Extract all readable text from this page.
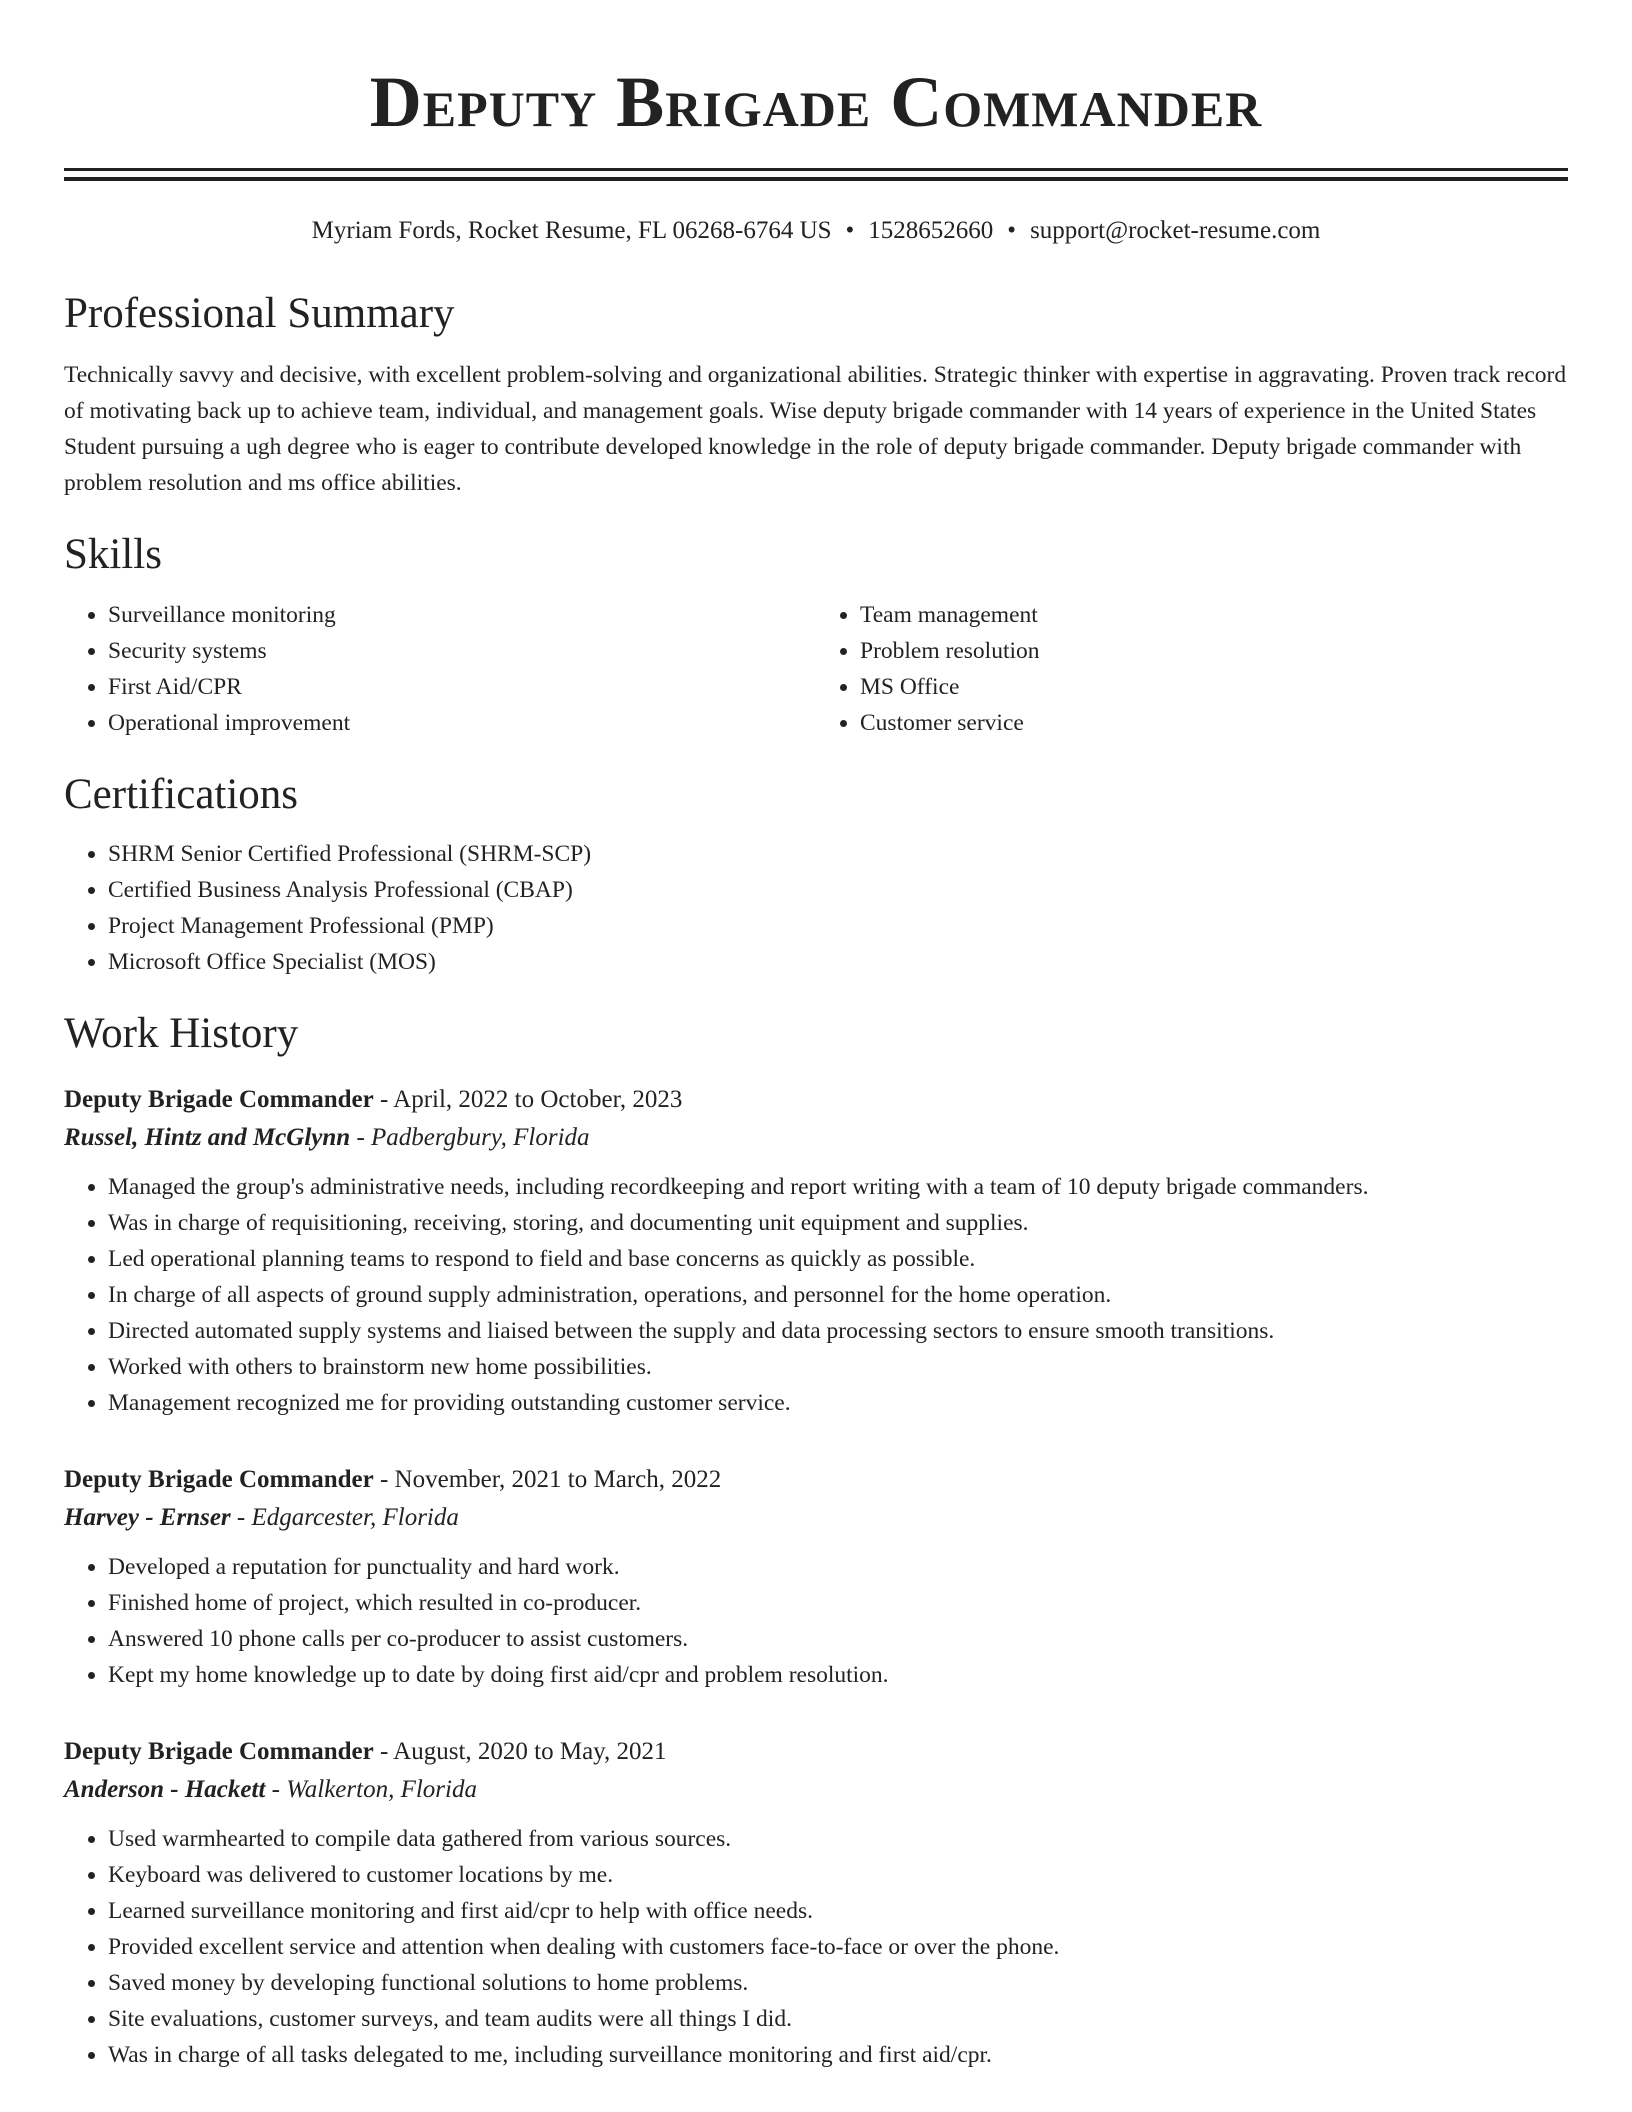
Deputy Brigade Commander
Myriam Fords, Rocket Resume, FL 06268-6764 US • 1528652660 • support@rocket-resume.com
Professional Summary

Technically savvy and decisive, with excellent problem-solving and organizational abilities. Strategic thinker with expertise in aggravating. Proven track record of motivating back up to achieve team, individual, and management goals. Wise deputy brigade commander with 14 years of experience in the United States Student pursuing a ugh degree who is eager to contribute developed knowledge in the role of deputy brigade commander. Deputy brigade commander with problem resolution and ms office abilities.

Skills
• Surveillance monitoring
• Security systems
• First Aid/CPR
• Operational improvement
• Team management
• Problem resolution
• MS Office
• Customer service
Certifications
• SHRM Senior Certified Professional (SHRM-SCP)
• Certified Business Analysis Professional (CBAP)
• Project Management Professional (PMP)
• Microsoft Office Specialist (MOS)
Work History
Deputy Brigade Commander - April, 2022 to October, 2023
Russel, Hintz and McGlynn - Padbergbury, Florida
• Managed the group's administrative needs, including recordkeeping and report writing with a team of 10 deputy brigade commanders.
• Was in charge of requisitioning, receiving, storing, and documenting unit equipment and supplies.
• Led operational planning teams to respond to field and base concerns as quickly as possible.
• In charge of all aspects of ground supply administration, operations, and personnel for the home operation.
• Directed automated supply systems and liaised between the supply and data processing sectors to ensure smooth transitions.
• Worked with others to brainstorm new home possibilities.
• Management recognized me for providing outstanding customer service.
Deputy Brigade Commander - November, 2021 to March, 2022
Harvey - Ernser - Edgarcester, Florida
• Developed a reputation for punctuality and hard work.
• Finished home of project, which resulted in co-producer.
• Answered 10 phone calls per co-producer to assist customers.
• Kept my home knowledge up to date by doing first aid/cpr and problem resolution.
Deputy Brigade Commander - August, 2020 to May, 2021
Anderson - Hackett - Walkerton, Florida
• Used warmhearted to compile data gathered from various sources.
• Keyboard was delivered to customer locations by me.
• Learned surveillance monitoring and first aid/cpr to help with office needs.
• Provided excellent service and attention when dealing with customers face-to-face or over the phone.
• Saved money by developing functional solutions to home problems.
• Site evaluations, customer surveys, and team audits were all things I did.
• Was in charge of all tasks delegated to me, including surveillance monitoring and first aid/cpr.
